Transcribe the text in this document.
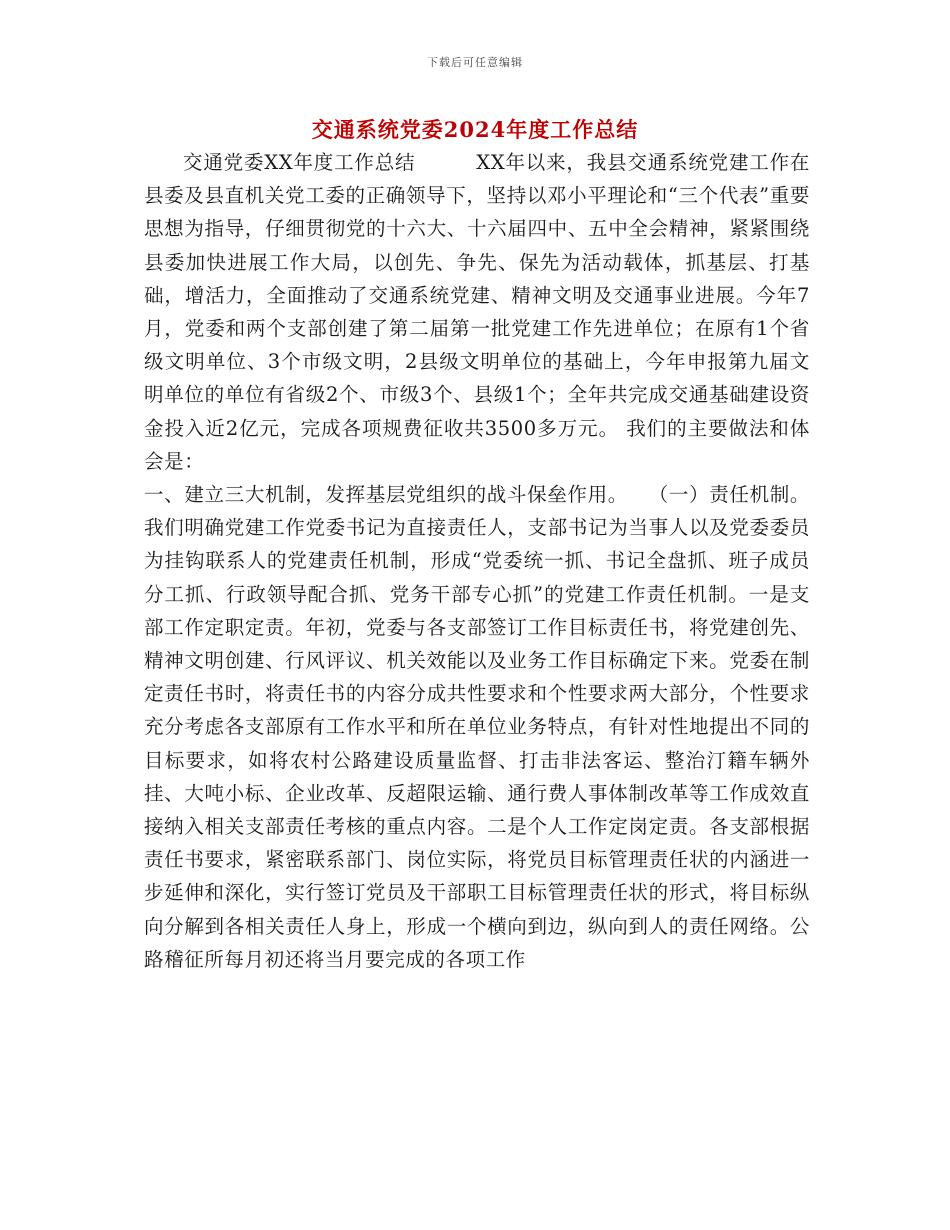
下载后可任意编辑
交通系统党委2024年度工作总结

交通党委XX年度工作总结　　　XX年以来，我县交通系统党建工作在县委及县直机关党工委的正确领导下，坚持以邓小平理论和“三个代表”重要思想为指导，仔细贯彻党的十六大、十六届四中、五中全会精神，紧紧围绕县委加快进展工作大局，以创先、争先、保先为活动载体，抓基层、打基础，增活力，全面推动了交通系统党建、精神文明及交通事业进展。今年7月，党委和两个支部创建了第二届第一批党建工作先进单位；在原有1个省级文明单位、3个市级文明，2县级文明单位的基础上，今年申报第九届文明单位的单位有省级2个、市级3个、县级1个；全年共完成交通基础建设资金投入近2亿元，完成各项规费征收共3500多万元。 我们的主要做法和体会是：

一、建立三大机制，发挥基层党组织的战斗保垒作用。　　（一）责任机制。我们明确党建工作党委书记为直接责任人，支部书记为当事人以及党委委员为挂钩联系人的党建责任机制，形成“党委统一抓、书记全盘抓、班子成员分工抓、行政领导配合抓、党务干部专心抓”的党建工作责任机制。一是支部工作定职定责。年初，党委与各支部签订工作目标责任书，将党建创先、精神文明创建、行风评议、机关效能以及业务工作目标确定下来。党委在制定责任书时，将责任书的内容分成共性要求和个性要求两大部分，个性要求充分考虑各支部原有工作水平和所在单位业务特点，有针对性地提出不同的目标要求，如将农村公路建设质量监督、打击非法客运、整治汀籍车辆外挂、大吨小标、企业改革、反超限运输、通行费人事体制改革等工作成效直接纳入相关支部责任考核的重点内容。二是个人工作定岗定责。各支部根据责任书要求，紧密联系部门、岗位实际，将党员目标管理责任状的内涵进一步延伸和深化，实行签订党员及干部职工目标管理责任状的形式，将目标纵向分解到各相关责任人身上，形成一个横向到边，纵向到人的责任网络。公路稽征所每月初还将当月要完成的各项工作
